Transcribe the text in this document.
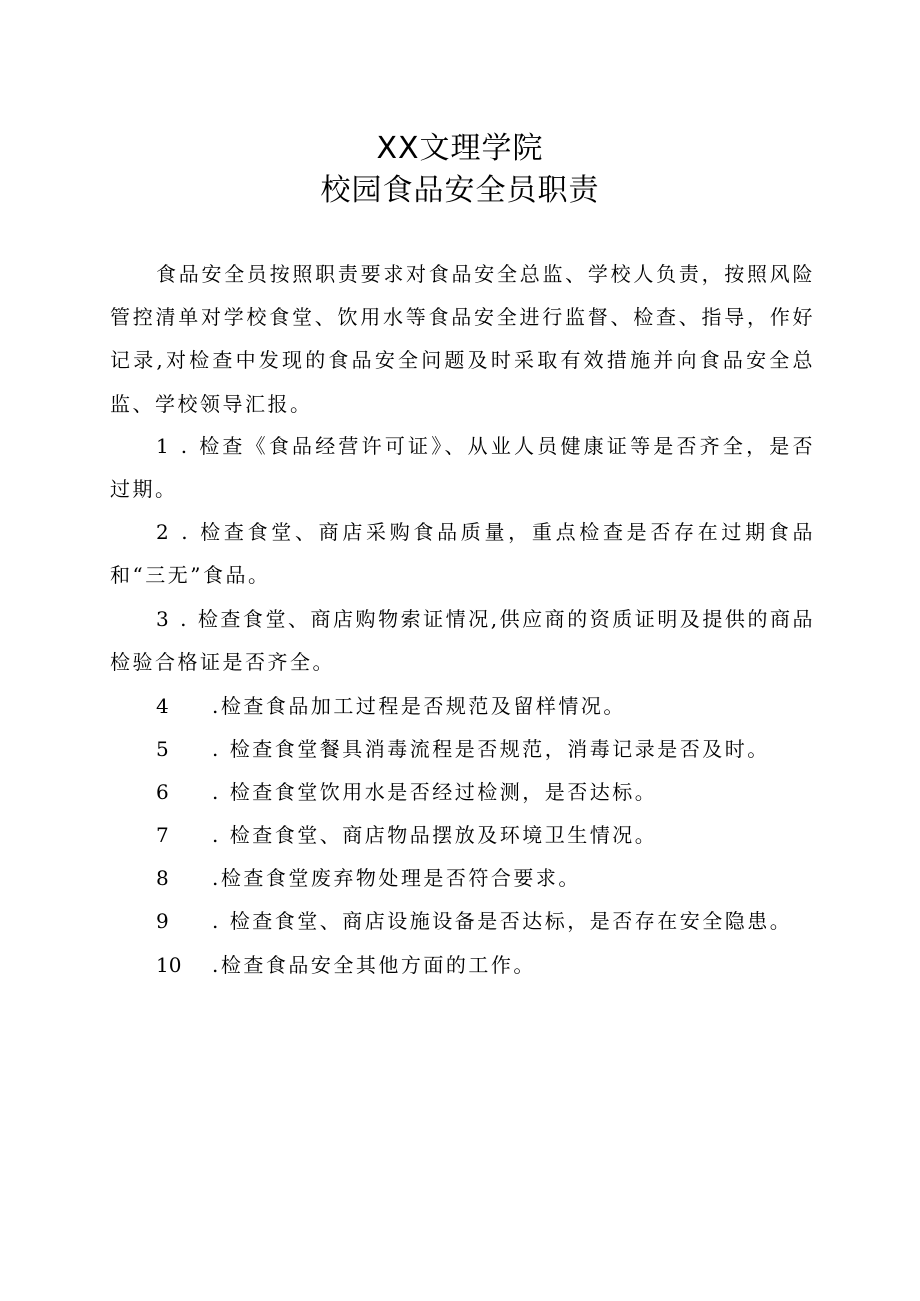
XX文理学院
校园食品安全员职责
食品安全员按照职责要求对食品安全总监、学校人负责，按照风险管控清单对学校食堂、饮用水等食品安全进行监督、检查、指导，作好记录,对检查中发现的食品安全问题及时采取有效措施并向食品安全总监、学校领导汇报。
1 . 检查《食品经营许可证》、从业人员健康证等是否齐全，是否过期。
2 . 检查食堂、商店采购食品质量，重点检查是否存在过期食品和“三无”食品。
3 . 检查食堂、商店购物索证情况,供应商的资质证明及提供的商品检验合格证是否齐全。
4 .检查食品加工过程是否规范及留样情况。
5 . 检查食堂餐具消毒流程是否规范，消毒记录是否及时。
6 . 检查食堂饮用水是否经过检测，是否达标。
7 . 检查食堂、商店物品摆放及环境卫生情况。
8 .检查食堂废弃物处理是否符合要求。
9 . 检查食堂、商店设施设备是否达标，是否存在安全隐患。
10 .检查食品安全其他方面的工作。
